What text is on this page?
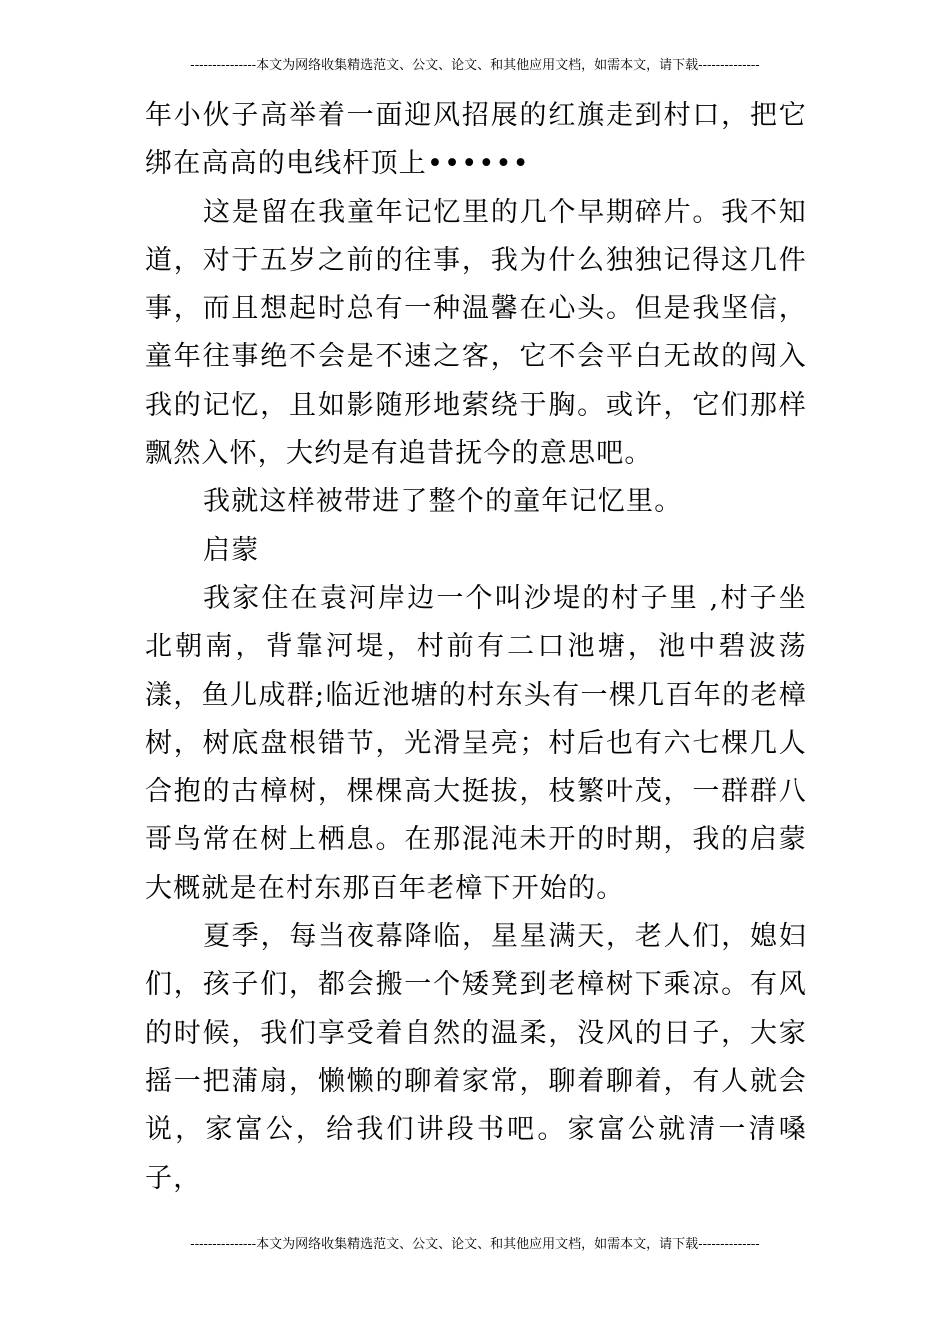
---------------本文为网络收集精选范文、公文、论文、和其他应用文档，如需本文，请下载--------------

年小伙子高举着一面迎风招展的红旗走到村口，把它绑在高高的电线杆顶上••••••

这是留在我童年记忆里的几个早期碎片。我不知道，对于五岁之前的往事，我为什么独独记得这几件事，而且想起时总有一种温馨在心头。但是我坚信，童年往事绝不会是不速之客，它不会平白无故的闯入我的记忆，且如影随形地萦绕于胸。或许，它们那样飘然入怀，大约是有追昔抚今的意思吧。

我就这样被带进了整个的童年记忆里。

启蒙

我家住在袁河岸边一个叫沙堤的村子里 ,村子坐北朝南，背靠河堤，村前有二口池塘，池中碧波荡漾，鱼儿成群;临近池塘的村东头有一棵几百年的老樟树，树底盘根错节，光滑呈亮；村后也有六七棵几人合抱的古樟树，棵棵高大挺拔，枝繁叶茂，一群群八哥鸟常在树上栖息。在那混沌未开的时期，我的启蒙大概就是在村东那百年老樟下开始的。

夏季，每当夜幕降临，星星满天，老人们，媳妇们，孩子们，都会搬一个矮凳到老樟树下乘凉。有风的时候，我们享受着自然的温柔，没风的日子，大家摇一把蒲扇，懒懒的聊着家常，聊着聊着，有人就会说，家富公，给我们讲段书吧。家富公就清一清嗓子，

---------------本文为网络收集精选范文、公文、论文、和其他应用文档，如需本文，请下载--------------
